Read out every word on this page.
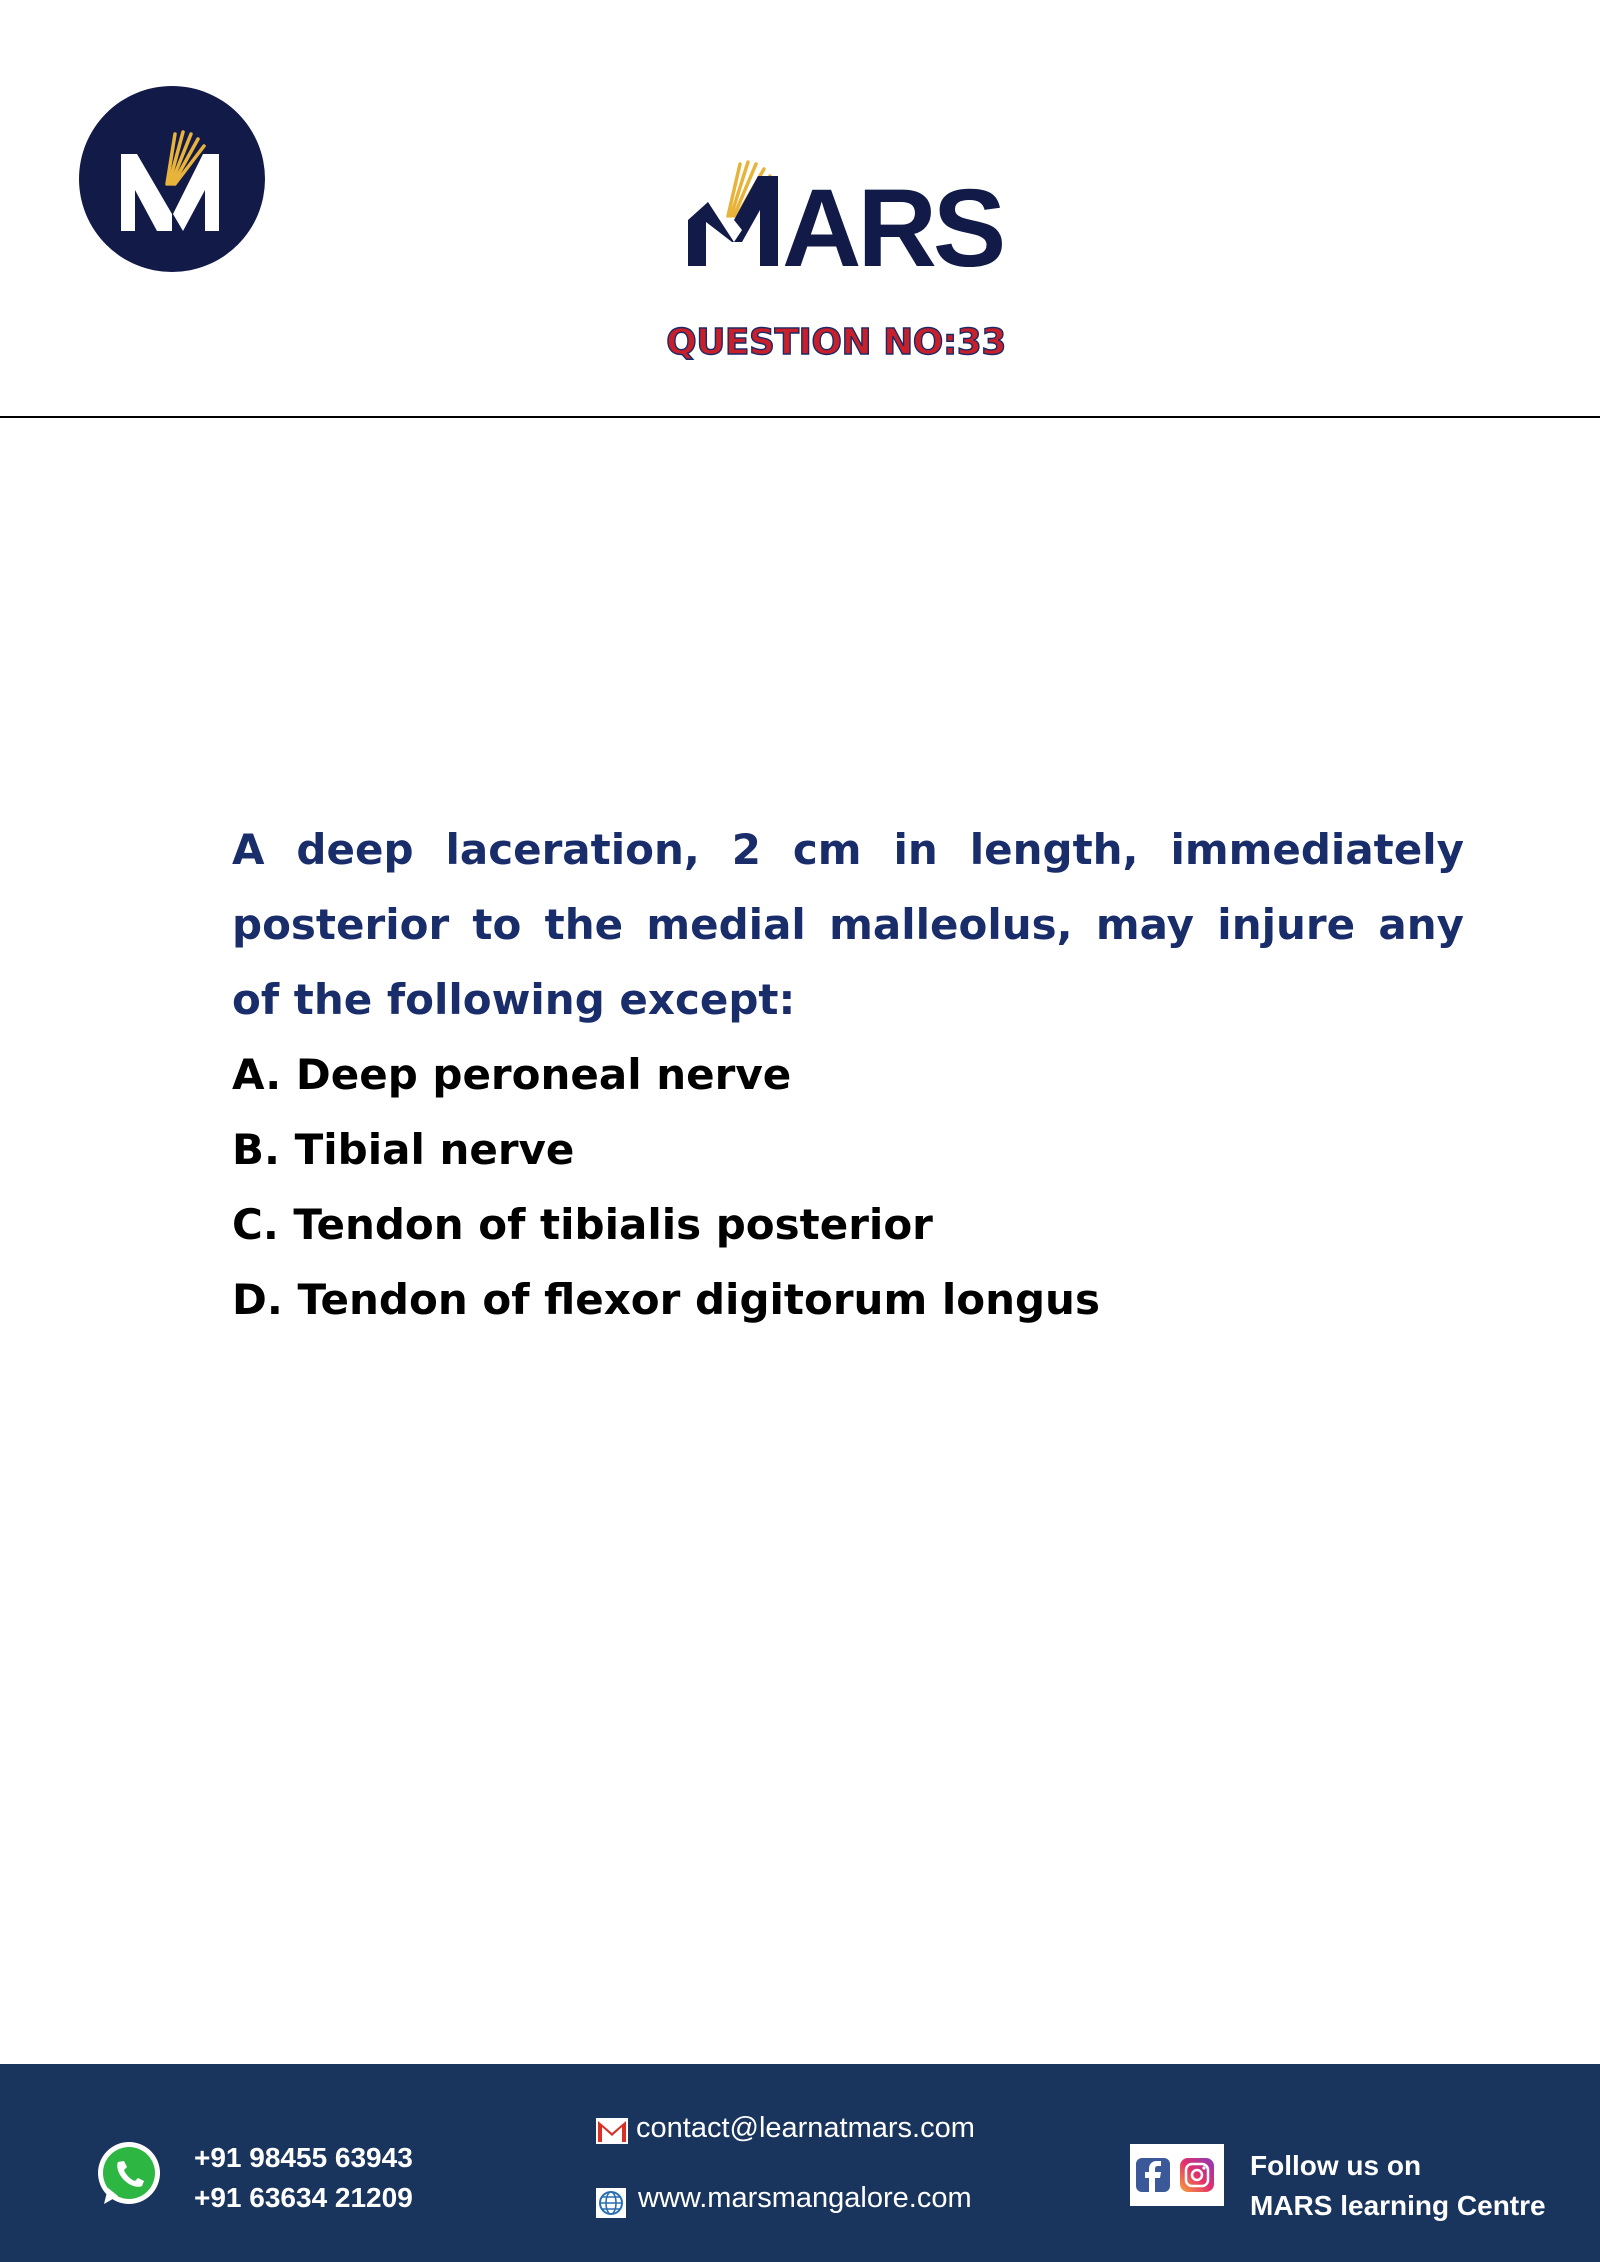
ARS
QUESTION NO:33

A deep laceration, 2 cm in length, immediately posterior to the medial malleolus, may injure any of the following except:

A. Deep peroneal nerve

B. Tibial nerve

C. Tendon of tibialis posterior

D. Tendon of flexor digitorum longus

+91 98455 63943
+91 63634 21209
contact@learnatmars.com
www.marsmangalore.com
Follow us on
MARS learning Centre
